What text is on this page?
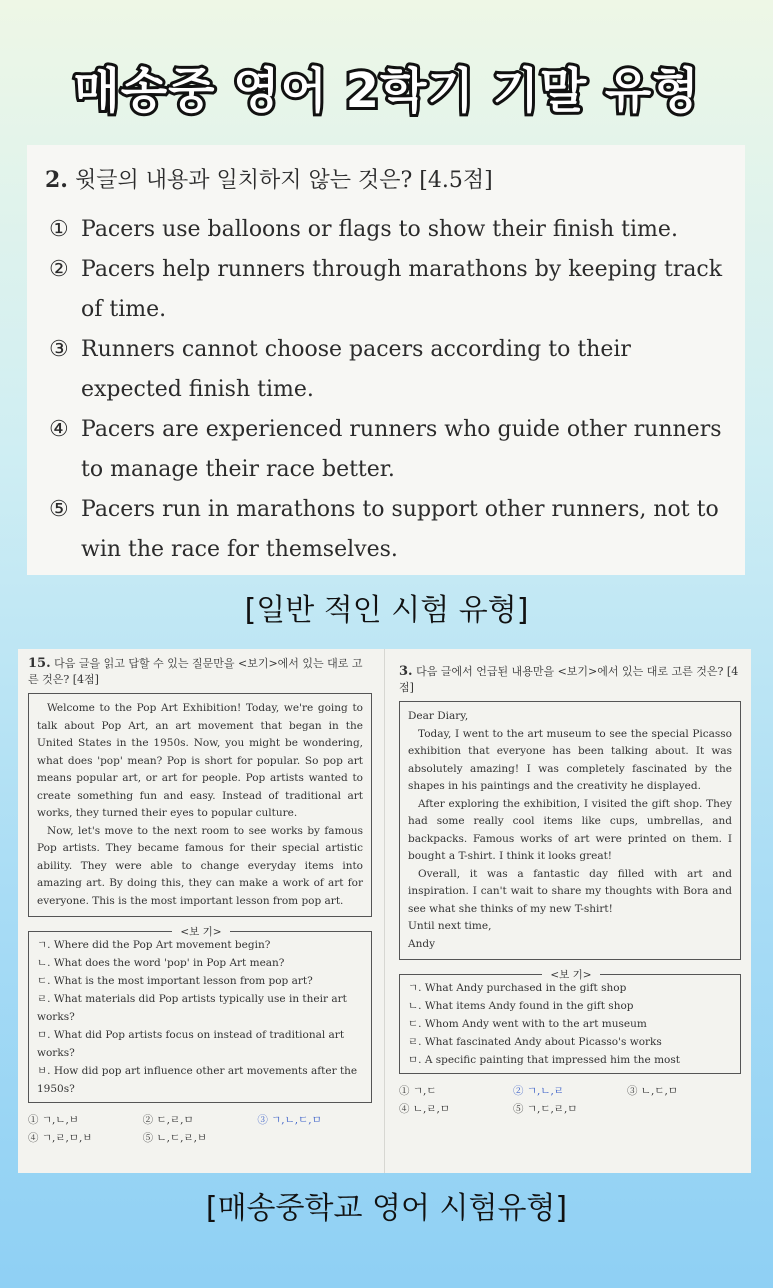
매송중 영어 2학기 기말 유형
2. 윗글의 내용과 일치하지 않는 것은? [4.5점]
① Pacers use balloons or flags to show their finish time.
② Pacers help runners through marathons by keeping track of time.
③ Runners cannot choose pacers according to their expected finish time.
④ Pacers are experienced runners who guide other runners to manage their race better.
⑤ Pacers run in marathons to support other runners, not to win the race for themselves.
[일반 적인 시험 유형]
15. 다음 글을 읽고 답할 수 있는 질문만을 <보기>에서 있는 대로 고른 것은? [4점]

Welcome to the Pop Art Exhibition! Today, we're going to talk about Pop Art, an art movement that began in the United States in the 1950s. Now, you might be wondering, what does 'pop' mean? Pop is short for popular. So pop art means popular art, or art for people. Pop artists wanted to create something fun and easy. Instead of traditional art works, they turned their eyes to popular culture.

Now, let's move to the next room to see works by famous Pop artists. They became famous for their special artistic ability. They were able to change everyday items into amazing art. By doing this, they can make a work of art for everyone. This is the most important lesson from pop art.

<보 기>
ㄱ. Where did the Pop Art movement begin?
ㄴ. What does the word 'pop' in Pop Art mean?
ㄷ. What is the most important lesson from pop art?
ㄹ. What materials did Pop artists typically use in their art works?
ㅁ. What did Pop artists focus on instead of traditional art works?
ㅂ. How did pop art influence other art movements after the 1950s?
① ㄱ,ㄴ,ㅂ	② ㄷ,ㄹ,ㅁ	③ ㄱ,ㄴ,ㄷ,ㅁ
④ ㄱ,ㄹ,ㅁ,ㅂ	⑤ ㄴ,ㄷ,ㄹ,ㅂ
3. 다음 글에서 언급된 내용만을 <보기>에서 있는 대로 고른 것은? [4점]
Dear Diary,

Today, I went to the art museum to see the special Picasso exhibition that everyone has been talking about. It was absolutely amazing! I was completely fascinated by the shapes in his paintings and the creativity he displayed.

After exploring the exhibition, I visited the gift shop. They had some really cool items like cups, umbrellas, and backpacks. Famous works of art were printed on them. I bought a T-shirt. I think it looks great!

Overall, it was a fantastic day filled with art and inspiration. I can't wait to share my thoughts with Bora and see what she thinks of my new T-shirt!

Until next time,
Andy
<보 기>
ㄱ. What Andy purchased in the gift shop
ㄴ. What items Andy found in the gift shop
ㄷ. Whom Andy went with to the art museum
ㄹ. What fascinated Andy about Picasso's works
ㅁ. A specific painting that impressed him the most
① ㄱ,ㄷ	② ㄱ,ㄴ,ㄹ	③ ㄴ,ㄷ,ㅁ
④ ㄴ,ㄹ,ㅁ	⑤ ㄱ,ㄷ,ㄹ,ㅁ
[매송중학교 영어 시험유형]
